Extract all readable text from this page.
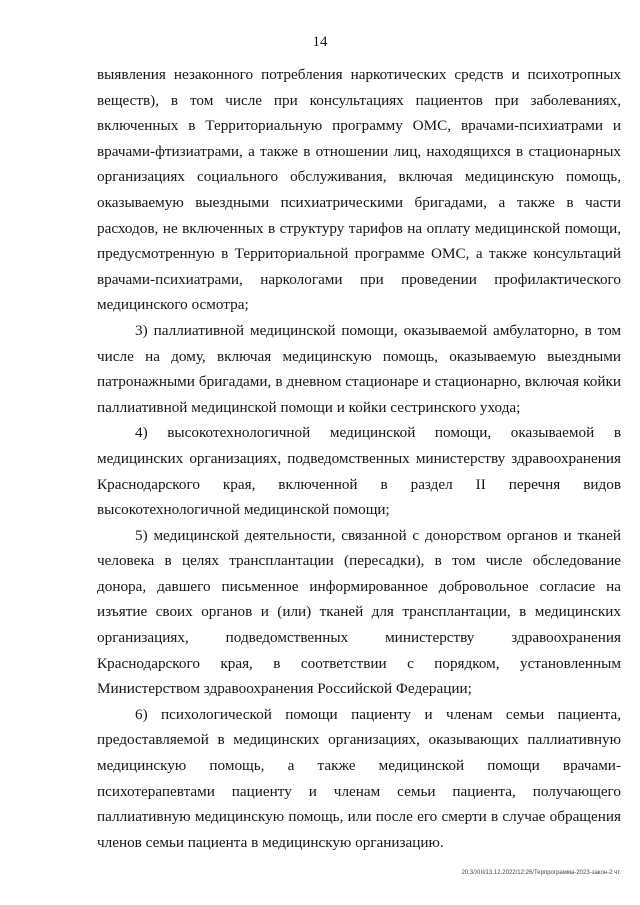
14

выявления незаконного потребления наркотических средств и психотропных веществ), в том числе при консультациях пациентов при заболеваниях, включенных в Территориальную программу ОМС, врачами-психиатрами и врачами-фтизиатрами, а также в отношении лиц, находящихся в стационарных организациях социального обслуживания, включая медицинскую помощь, оказываемую выездными психиатрическими бригадами, а также в части расходов, не включенных в структуру тарифов на оплату медицинской помощи, предусмотренную в Территориальной программе ОМС, а также консультаций врачами-психиатрами, наркологами при проведении профилактического медицинского осмотра;

3) паллиативной медицинской помощи, оказываемой амбулаторно, в том числе на дому, включая медицинскую помощь, оказываемую выездными патронажными бригадами, в дневном стационаре и стационарно, включая койки паллиативной медицинской помощи и койки сестринского ухода;

4) высокотехнологичной медицинской помощи, оказываемой в медицинских организациях, подведомственных министерству здравоохранения Краснодарского края, включенной в раздел II перечня видов высокотехнологичной медицинской помощи;

5) медицинской деятельности, связанной с донорством органов и тканей человека в целях трансплантации (пересадки), в том числе обследование донора, давшего письменное информированное добровольное согласие на изъятие своих органов и (или) тканей для трансплантации, в медицинских организациях, подведомственных министерству здравоохранения Краснодарского края, в соответствии с порядком, установленным Министерством здравоохранения Российской Федерации;

6) психологической помощи пациенту и членам семьи пациента, предоставляемой в медицинских организациях, оказывающих паллиативную медицинскую помощь, а также медицинской помощи врачами-психотерапевтами пациенту и членам семьи пациента, получающего паллиативную медицинскую помощь, или после его смерти в случае обращения членов семьи пациента в медицинскую организацию.

20.3/XIII/13.12.2022/12:26/Терпрограмма-2023-закон-2 чт.
